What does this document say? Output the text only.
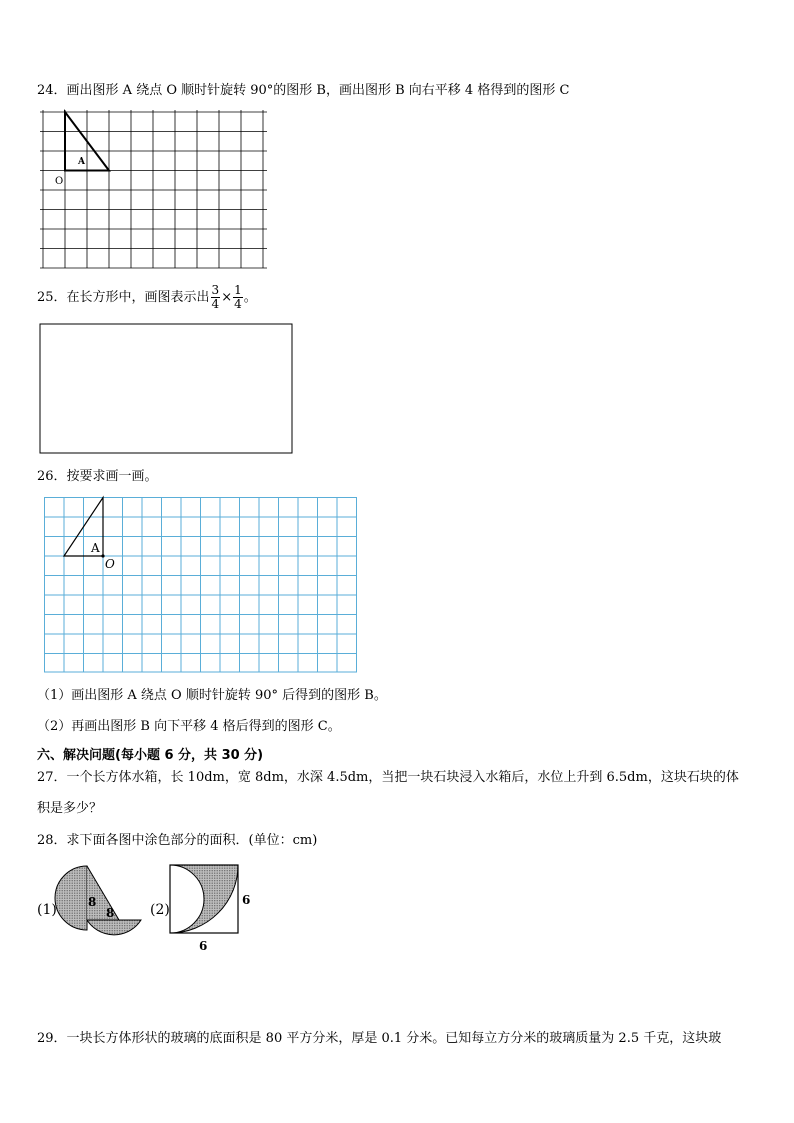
24．画出图形 A 绕点 O 顺时针旋转 90°的图形 B，画出图形 B 向右平移 4 格得到的图形 C
A
O
25．在长方形中，画图表示出 $\frac{3}{4} \times \frac{1}{4}$ 。
26．按要求画一画。
A
O
（1）画出图形 A 绕点 O 顺时针旋转 90° 后得到的图形 B。
（2）再画出图形 B 向下平移 4 格后得到的图形 C。
六、解决问题(每小题 6 分，共 30 分)
27．一个长方体水箱，长 10dm，宽 8dm，水深 4.5dm，当把一块石块浸入水箱后，水位上升到 6.5dm，这块石块的体
积是多少？
28．求下面各图中涂色部分的面积．(单位：cm)
(1)	8
8	(2)
6
6
29．一块长方体形状的玻璃的底面积是 80 平方分米，厚是 0.1 分米。已知每立方分米的玻璃质量为 2.5 千克，这块玻
